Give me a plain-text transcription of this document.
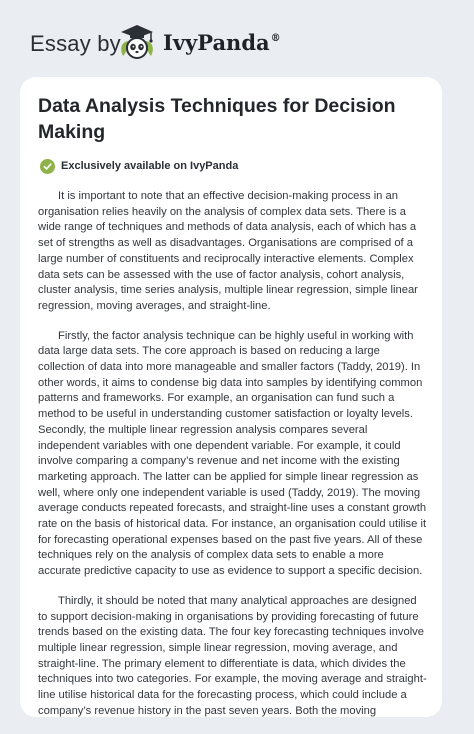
Essay by IvyPanda®
Data Analysis Techniques for Decision Making
Exclusively available on IvyPanda

It is important to note that an effective decision-making process in an organisation relies heavily on the analysis of complex data sets. There is a wide range of techniques and methods of data analysis, each of which has a set of strengths as well as disadvantages. Organisations are comprised of a large number of constituents and reciprocally interactive elements. Complex data sets can be assessed with the use of factor analysis, cohort analysis, cluster analysis, time series analysis, multiple linear regression, simple linear regression, moving averages, and straight-line.

Firstly, the factor analysis technique can be highly useful in working with data large data sets. The core approach is based on reducing a large collection of data into more manageable and smaller factors (Taddy, 2019). In other words, it aims to condense big data into samples by identifying common patterns and frameworks. For example, an organisation can fund such a method to be useful in understanding customer satisfaction or loyalty levels. Secondly, the multiple linear regression analysis compares several independent variables with one dependent variable. For example, it could involve comparing a company’s revenue and net income with the existing marketing approach. The latter can be applied for simple linear regression as well, where only one independent variable is used (Taddy, 2019). The moving average conducts repeated forecasts, and straight-line uses a constant growth rate on the basis of historical data. For instance, an organisation could utilise it for forecasting operational expenses based on the past five years. All of these techniques rely on the analysis of complex data sets to enable a more accurate predictive capacity to use as evidence to support a specific decision.

Thirdly, it should be noted that many analytical approaches are designed to support decision-making in organisations by providing forecasting of future trends based on the existing data. The four key forecasting techniques involve multiple linear regression, simple linear regression, moving average, and straight-line. The primary element to differentiate is data, which divides the techniques into two categories. For example, the moving average and straight-line utilise historical data for the forecasting process, which could include a company’s revenue history in the past seven years. Both the moving
